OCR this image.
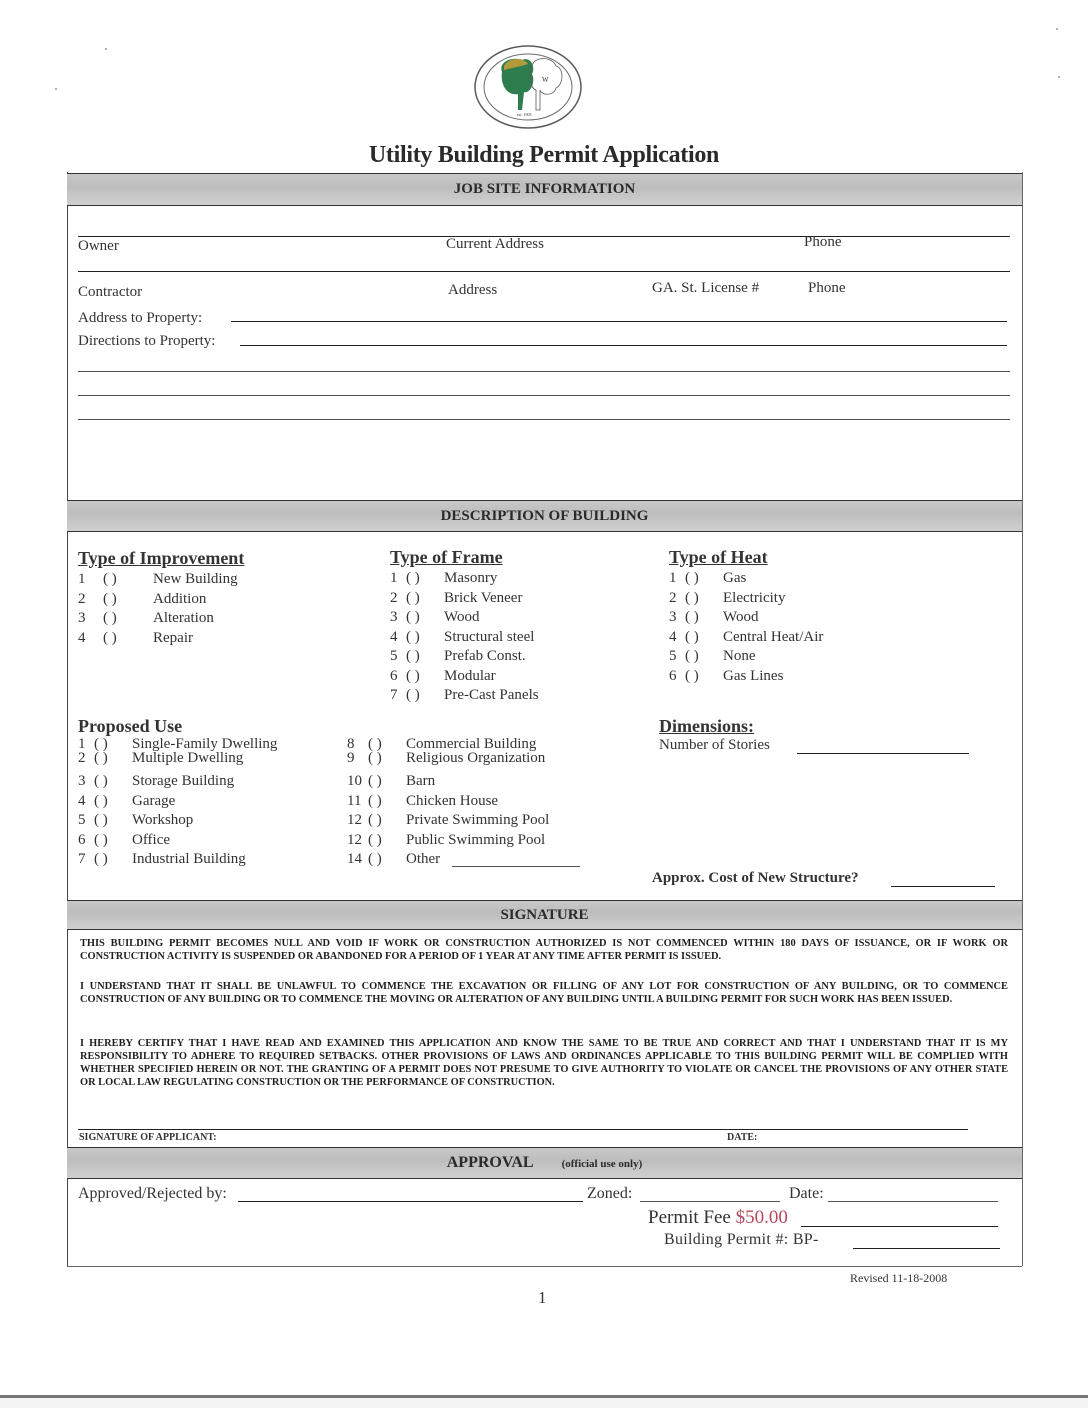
W
est. 1905
Utility Building Permit Application
JOB SITE INFORMATION
Owner	Current Address	Phone
Contractor	Address	GA. St. License #	Phone
Address to Property:
Directions to Property:
DESCRIPTION OF BUILDING
Type of Improvement
1 ( ) New Building
2 ( ) Addition
3 ( ) Alteration
4 ( ) Repair
Type of Frame
1 ( ) Masonry
2 ( ) Brick Veneer
3 ( ) Wood
4 ( ) Structural steel
5 ( ) Prefab Const.
6 ( ) Modular
7 ( ) Pre-Cast Panels
Type of Heat
1 ( ) Gas
2 ( ) Electricity
3 ( ) Wood
4 ( ) Central Heat/Air
5 ( ) None
6 ( ) Gas Lines
Proposed Use
1 ( ) Single-Family Dwelling
2 ( ) Multiple Dwelling
3 ( ) Storage Building
4 ( ) Garage
5 ( ) Workshop
6 ( ) Office
7 ( ) Industrial Building
8 ( ) Commercial Building
9 ( ) Religious Organization
10 ( ) Barn
11 ( ) Chicken House
12 ( ) Private Swimming Pool
12 ( ) Public Swimming Pool
14 ( ) Other
Dimensions:
Number of Stories
Approx. Cost of New Structure?
SIGNATURE
THIS BUILDING PERMIT BECOMES NULL AND VOID IF WORK OR CONSTRUCTION AUTHORIZED IS NOT COMMENCED WITHIN 180 DAYS OF ISSUANCE, OR IF WORK OR CONSTRUCTION ACTIVITY IS SUSPENDED OR ABANDONED FOR A PERIOD OF 1 YEAR AT ANY TIME AFTER PERMIT IS ISSUED.
I UNDERSTAND THAT IT SHALL BE UNLAWFUL TO COMMENCE THE EXCAVATION OR FILLING OF ANY LOT FOR CONSTRUCTION OF ANY BUILDING, OR TO COMMENCE CONSTRUCTION OF ANY BUILDING OR TO COMMENCE THE MOVING OR ALTERATION OF ANY BUILDING UNTIL A BUILDING PERMIT FOR SUCH WORK HAS BEEN ISSUED.
I HEREBY CERTIFY THAT I HAVE READ AND EXAMINED THIS APPLICATION AND KNOW THE SAME TO BE TRUE AND CORRECT AND THAT I UNDERSTAND THAT IT IS MY RESPONSIBILITY TO ADHERE TO REQUIRED SETBACKS. OTHER PROVISIONS OF LAWS AND ORDINANCES APPLICABLE TO THIS BUILDING PERMIT WILL BE COMPLIED WITH WHETHER SPECIFIED HEREIN OR NOT. THE GRANTING OF A PERMIT DOES NOT PRESUME TO GIVE AUTHORITY TO VIOLATE OR CANCEL THE PROVISIONS OF ANY OTHER STATE OR LOCAL LAW REGULATING CONSTRUCTION OR THE PERFORMANCE OF CONSTRUCTION.
SIGNATURE OF APPLICANT:	DATE:
APPROVAL	(official use only)
Approved/Rejected by:	Zoned:	Date:
Permit Fee $50.00
Building Permit #: BP-
Revised 11-18-2008
1
